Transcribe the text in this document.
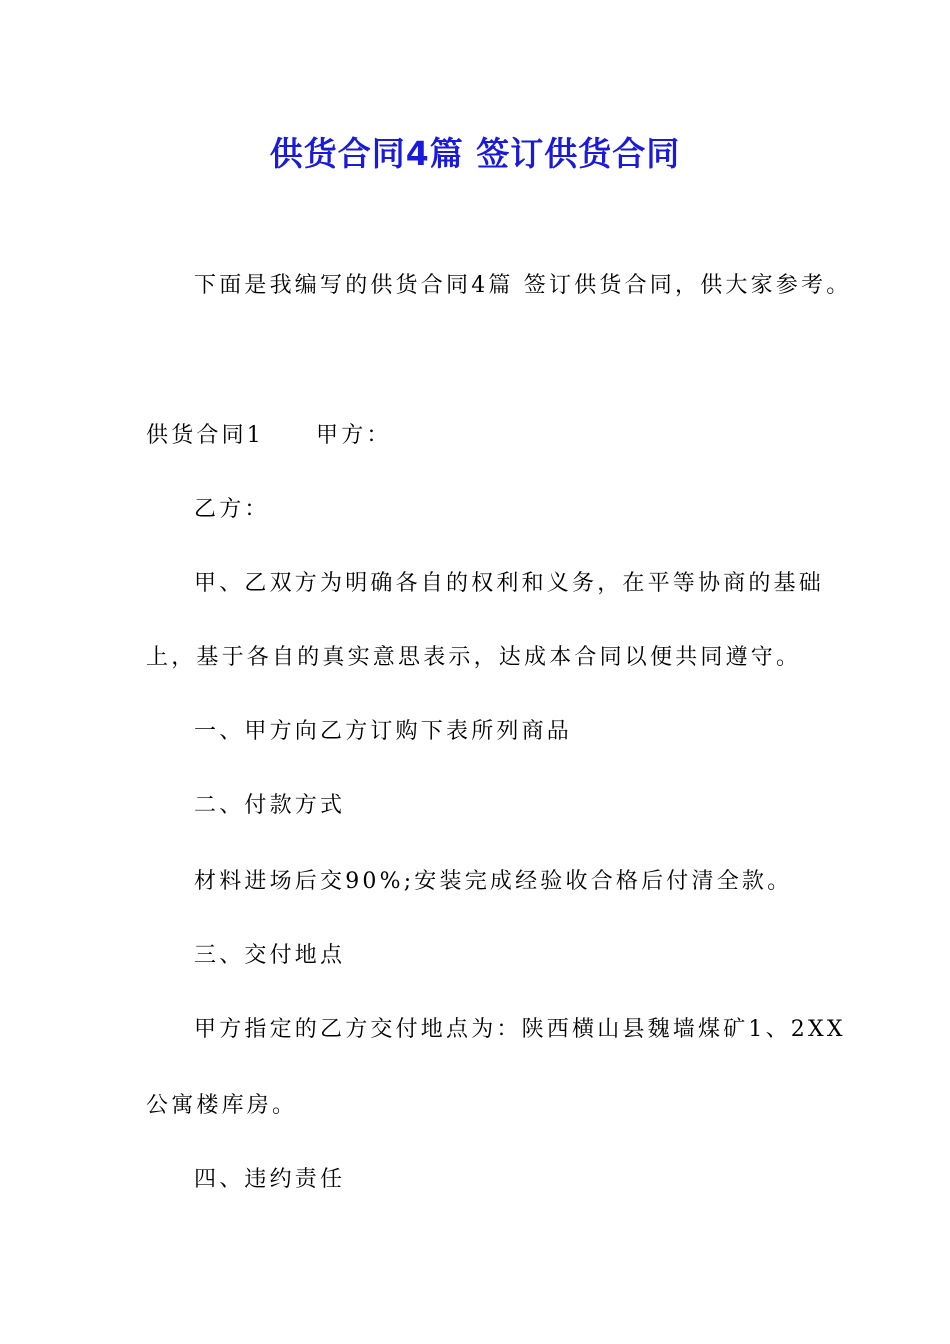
供货合同4篇 签订供货合同
下面是我编写的供货合同4篇 签订供货合同，供大家参考。
供货合同1 甲方：
乙方：
甲、乙双方为明确各自的权利和义务，在平等协商的基础
上，基于各自的真实意思表示，达成本合同以便共同遵守。
一、甲方向乙方订购下表所列商品
二、付款方式
材料进场后交90%;安装完成经验收合格后付清全款。
三、交付地点
甲方指定的乙方交付地点为：陕西横山县魏墙煤矿1、2XX
公寓楼库房。
四、违约责任
